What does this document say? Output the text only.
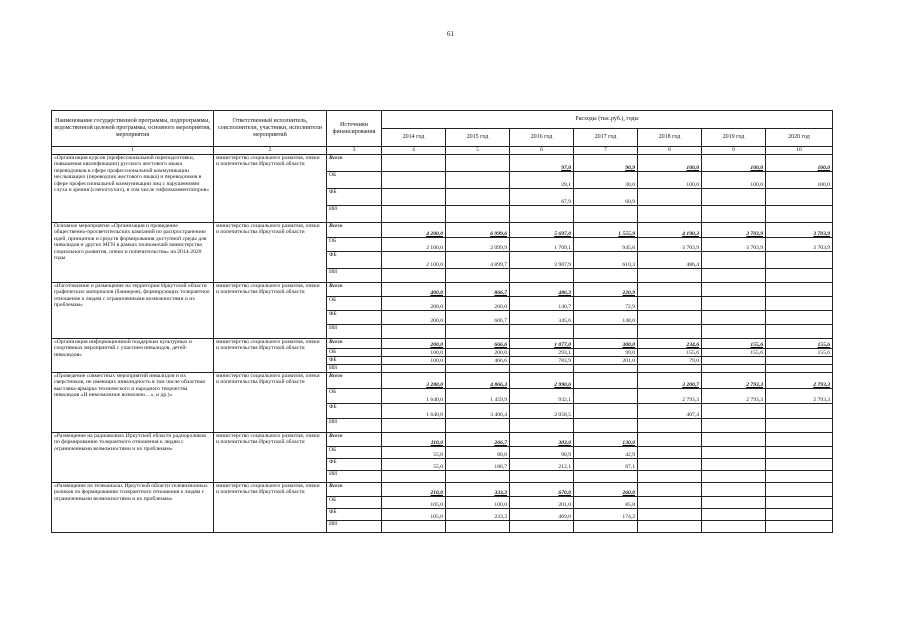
61
Наименование государственной программы, подпрограммы, ведомственной целевой программы, основного мероприятия, мероприятия	Ответственный исполнитель, соисполнители, участники, исполнители мероприятий	Источники финансирования	Расходы (тыс.руб.), годы						
			2014 год	2015 год	2016 год	2017 год	2018 год	2019 год	2020 год
1	2	3	4	5	6	7	8	9	10
«Организация курсов (профессиональной переподготовки, повышения квалификации) русского жестового языка переводчиков в сфере профессиональной коммуникации неслышащих (переводчик жестового языка) и переводчиков в сфере профессиональной коммуникации лиц с нарушениями слуха и зрения (слепоглухих), в том числе тифлокомментаторов»	министерство социального развития, опеки и попечительства Иркутской области	Всего			97,0	90,9	100,0	100,0	100,0
		ОБ			29,1	30,0	100,0	100,0	100,0
		ФБ			67,9	60,9			
		ИИ							
Основное мероприятие «Организация и проведение общественно-просветительских кампаний по распространению идей, принципов и средств формирования доступной среды для инвалидов и других МГН в рамках полномочий министерства социального развития, опеки и попечительства» на 2014-2020 годы	министерство социального развития, опеки и попечительства Иркутской области	Всего	4 200,0	6 999,6	5 697,0	1 555,9	4 190,3	3 703,9	3 703,9
		ОБ	2 100,0	2 099,9	1 709,1	945,6	3 703,9	3 703,9	3 703,9
		ФБ	2 100,0	4 899,7	3 987,9	610,3	486,4		
		ИИ							
«Изготовление и размещение на территории Иркутской области графических материалов (баннеров), формирующих толерантное отношение к людям с ограниченными возможностями и их проблемам»	министерство социального развития, опеки и попечительства Иркутской области	Всего	400,0	866,7	486,3	220,9			
		ОБ	200,0	260,0	140,7	72,9			
		ФБ	200,0	606,7	345,6	148,0			
		ИИ							
«Организация информационной поддержки культурных и спортивных мероприятий с участием инвалидов, детей-инвалидов»	министерство социального развития, опеки и попечительства Иркутской области	Всего	200,0	666,6	1 077,0	300,0	234,6	155,6	155,6
		ОБ	100,0	200,0	293,1	99,0	155,6	155,6	155,6
		ФБ	100,0	466,6	783,9	201,0	79,0		
		ИИ							
«Проведение совместных мероприятий инвалидов и их сверстников, не имеющих инвалидность в том числе областная выставка-ярмарка технического и народного творчества инвалидов «И невозможное возможно…», и др.)»	министерство социального развития, опеки и попечительства Иркутской области	Всего	3 280,0	4 866,3	2 990,6		3 200,7	2 793,3	2 793,3
		ОБ	1 640,0	1 459,9	932,1		2 793,3	2 793,3	2 793,3
		ФБ	1 640,0	3 406,4	2 058,5		407,4		
		ИИ							
«Размещение на радиоволнах Иркутской области радиороликов по формированию толерантного отношения к людям с ограниченными возможностями и их проблемам»	министерство социального развития, опеки и попечительства Иркутской области	Всего	110,0	266,7	303,0	130,0			
		ОБ	55,0	80,0	90,9	42,9			
		ФБ	55,0	186,7	212,1	87,1			
		ИИ							
«Размещение на телеканалах Иркутской области телевизионных роликов по формированию толерантного отношения к людям с ограниченными возможностями и их проблемам»	министерство социального развития, опеки и попечительства Иркутской области	Всего	210,0	333,3	670,0	260,0			
		ОБ	105,0	100,0	201,0	85,8			
		ФБ	105,0	233,3	469,0	174,2			
		ИИ							
